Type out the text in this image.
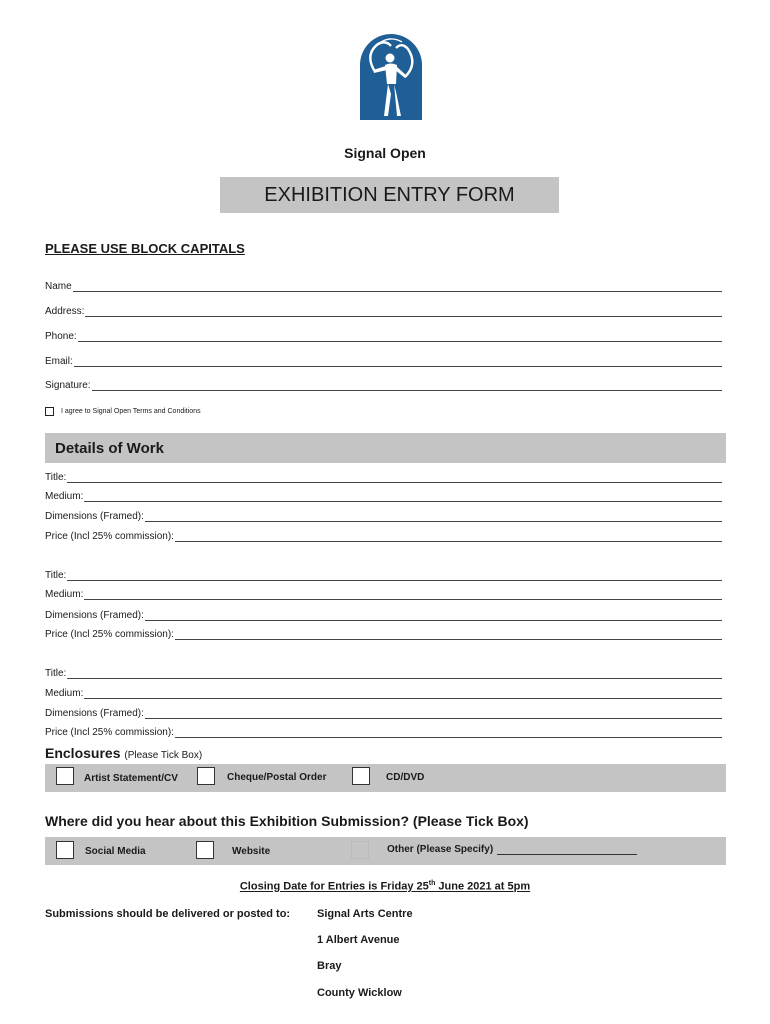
Signal Open
EXHIBITION ENTRY FORM
PLEASE USE BLOCK CAPITALS
Name
Address:
Phone:
Email:
Signature:
I agree to Signal Open Terms and Conditions
Details of Work
Title:
Medium:
Dimensions (Framed):
Price (Incl 25% commission):
Title:
Medium:
Dimensions (Framed):
Price (Incl 25% commission):
Title:
Medium:
Dimensions (Framed):
Price (Incl 25% commission):
Enclosures (Please Tick Box)
Artist Statement/CV	Cheque/Postal Order	CD/DVD
Where did you hear about this Exhibition Submission? (Please Tick Box)
Social Media	Website	Other (Please Specify)
Closing Date for Entries is Friday 25th June 2021 at 5pm
Submissions should be delivered or posted to: Signal Arts Centre
1 Albert Avenue
Bray
County Wicklow
